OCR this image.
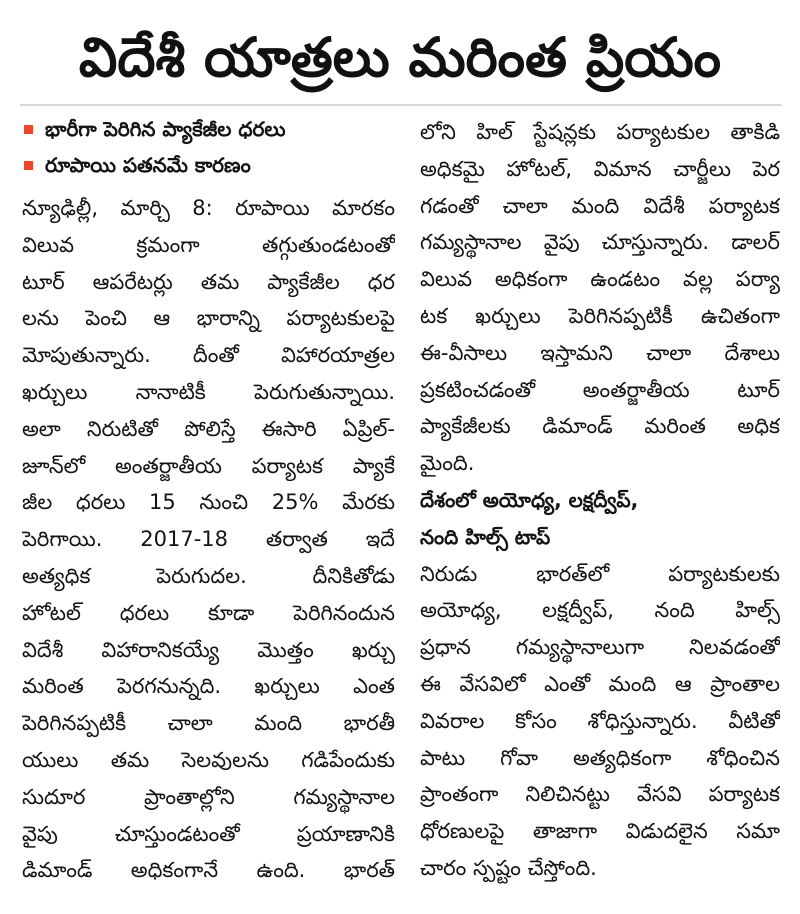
విదేశీ యాత్రలు మరింత ప్రియం
భారీగా పెరిగిన ప్యాకేజీల ధరలు
రూపాయి పతనమే కారణం
న్యూఢిల్లీ, మార్చి 8: రూపాయి మారకం
విలువ క్రమంగా తగ్గుతుండటంతో
టూర్ ఆపరేటర్లు తమ ప్యాకేజీల ధర
లను పెంచి ఆ భారాన్ని పర్యాటకులపై
మోపుతున్నారు. దీంతో విహారయాత్రల
ఖర్చులు నానాటికీ పెరుగుతున్నాయి.
అలా నిరుటితో పోలిస్తే ఈసారి ఏప్రిల్-
జూన్‌లో అంతర్జాతీయ పర్యాటక ప్యాకే
జీల ధరలు 15 నుంచి 25% మేరకు
పెరిగాయి. 2017-18 తర్వాత ఇదే
అత్యధిక పెరుగుదల. దీనికితోడు
హోటల్ ధరలు కూడా పెరిగినందున
విదేశీ విహారానికయ్యే మొత్తం ఖర్చు
మరింత పెరగనున్నది. ఖర్చులు ఎంత
పెరిగినప్పటికీ చాలా మంది భారతీ
యులు తమ సెలవులను గడిపేందుకు
సుదూర ప్రాంతాల్లోని గమ్యస్థానాల
వైపు చూస్తుండటంతో ప్రయాణానికి
డిమాండ్ అధికంగానే ఉంది. భారత్
లోని హిల్ స్టేషన్లకు పర్యాటకుల తాకిడి
అధికమై హోటల్, విమాన చార్జీలు పెర
గడంతో చాలా మంది విదేశీ పర్యాటక
గమ్యస్థానాల వైపు చూస్తున్నారు. డాలర్
విలువ అధికంగా ఉండటం వల్ల పర్యా
టక ఖర్చులు పెరిగినప్పటికీ ఉచితంగా
ఈ-వీసాలు ఇస్తామని చాలా దేశాలు
ప్రకటించడంతో అంతర్జాతీయ టూర్
ప్యాకేజీలకు డిమాండ్ మరింత అధిక
మైంది.
దేశంలో అయోధ్య, లక్షద్వీప్,
నంది హిల్స్ టాప్
నిరుడు భారత్‌లో పర్యాటకులకు
అయోధ్య, లక్షద్వీప్, నంది హిల్స్
ప్రధాన గమ్యస్థానాలుగా నిలవడంతో
ఈ వేసవిలో ఎంతో మంది ఆ ప్రాంతాల
వివరాల కోసం శోధిస్తున్నారు. వీటితో
పాటు గోవా అత్యధికంగా శోధించిన
ప్రాంతంగా నిలిచినట్టు వేసవి పర్యాటక
ధోరణులపై తాజాగా విడుదలైన సమా
చారం స్పష్టం చేస్తోంది.
